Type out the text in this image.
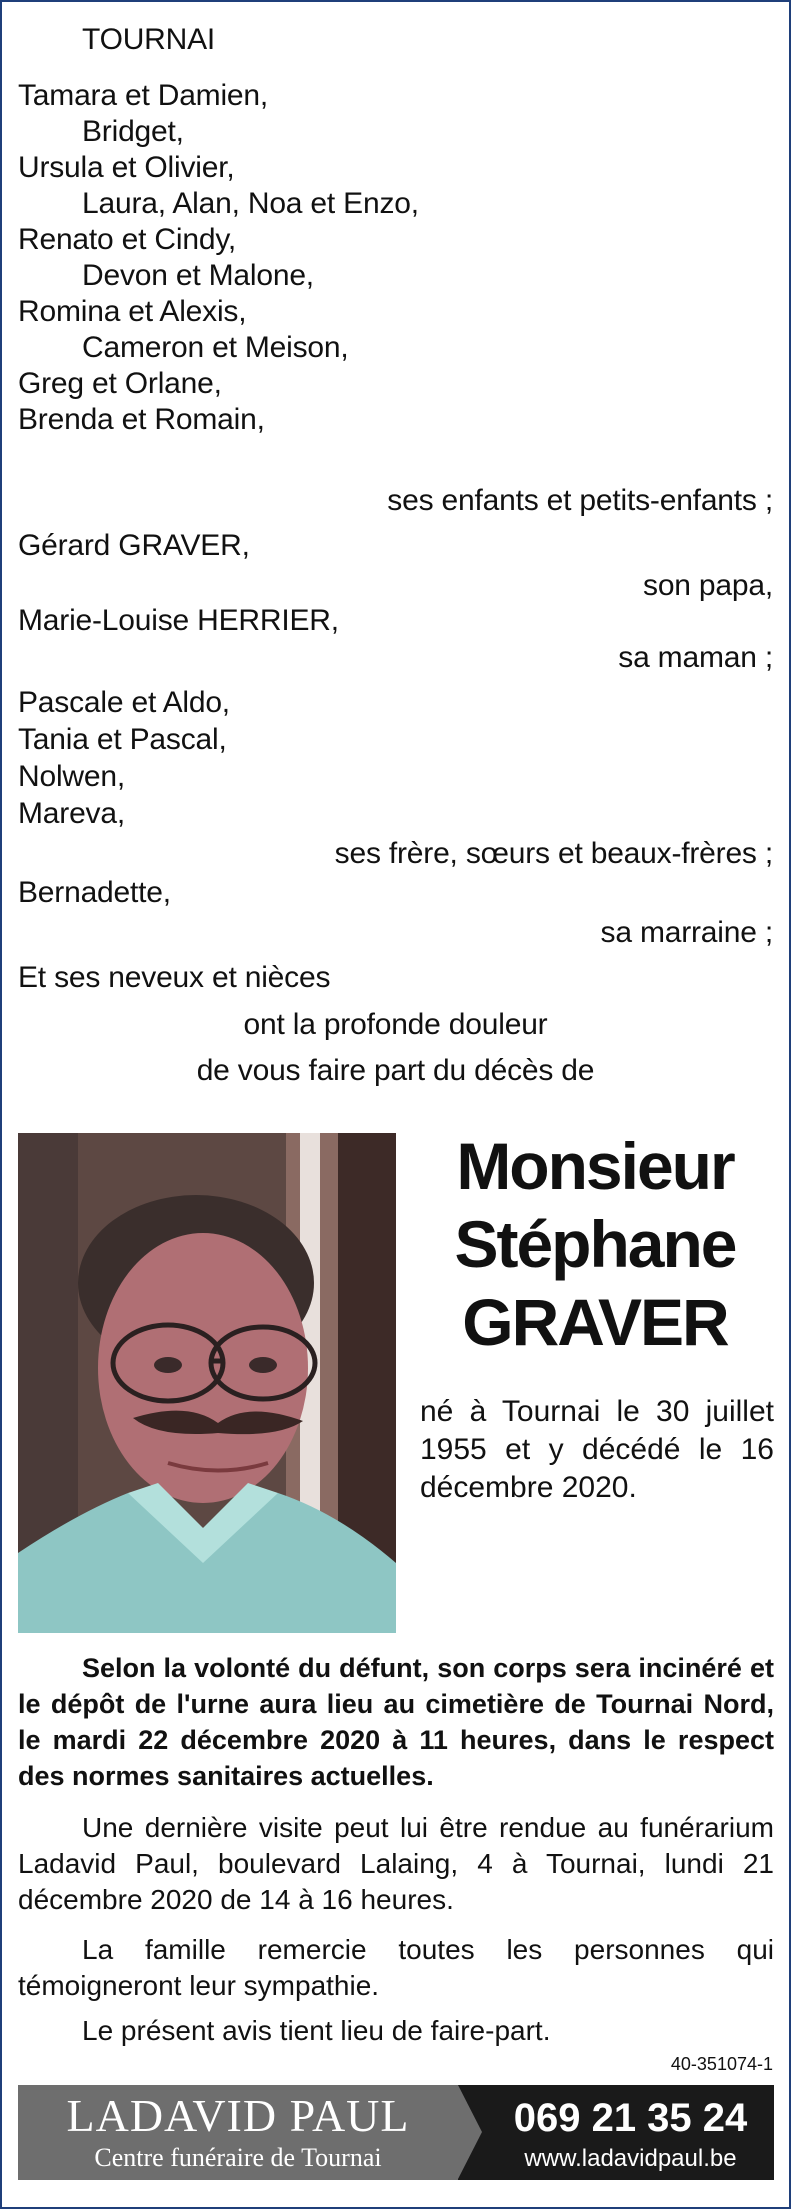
TOURNAI
Tamara et Damien,
Bridget,
Ursula et Olivier,
Laura, Alan, Noa et Enzo,
Renato et Cindy,
Devon et Malone,
Romina et Alexis,
Cameron et Meison,
Greg et Orlane,
Brenda et Romain,
ses enfants et petits-enfants ;
Gérard GRAVER,
son papa,
Marie-Louise HERRIER,
sa maman ;
Pascale et Aldo,
Tania et Pascal,
Nolwen,
Mareva,
ses frère, sœurs et beaux-frères ;
Bernadette,
sa marraine ;
Et ses neveux et nièces
ont la profonde douleur
de vous faire part du décès de
Monsieur
Stéphane
GRAVER
né à Tournai le 30 juillet 1955 et y décédé le 16 décembre 2020.
Selon la volonté du défunt, son corps sera incinéré et le dépôt de l'urne aura lieu au cimetière de Tournai Nord, le mardi 22 décembre 2020 à 11 heures, dans le respect des normes sanitaires actuelles.
Une dernière visite peut lui être rendue au funérarium Ladavid Paul, boulevard Lalaing, 4 à Tournai, lundi 21 décembre 2020 de 14 à 16 heures.
La famille remercie toutes les personnes qui témoigneront leur sympathie.
Le présent avis tient lieu de faire-part.
40-351074-1
LADAVID PAUL
Centre funéraire de Tournai
069 21 35 24
www.ladavidpaul.be
